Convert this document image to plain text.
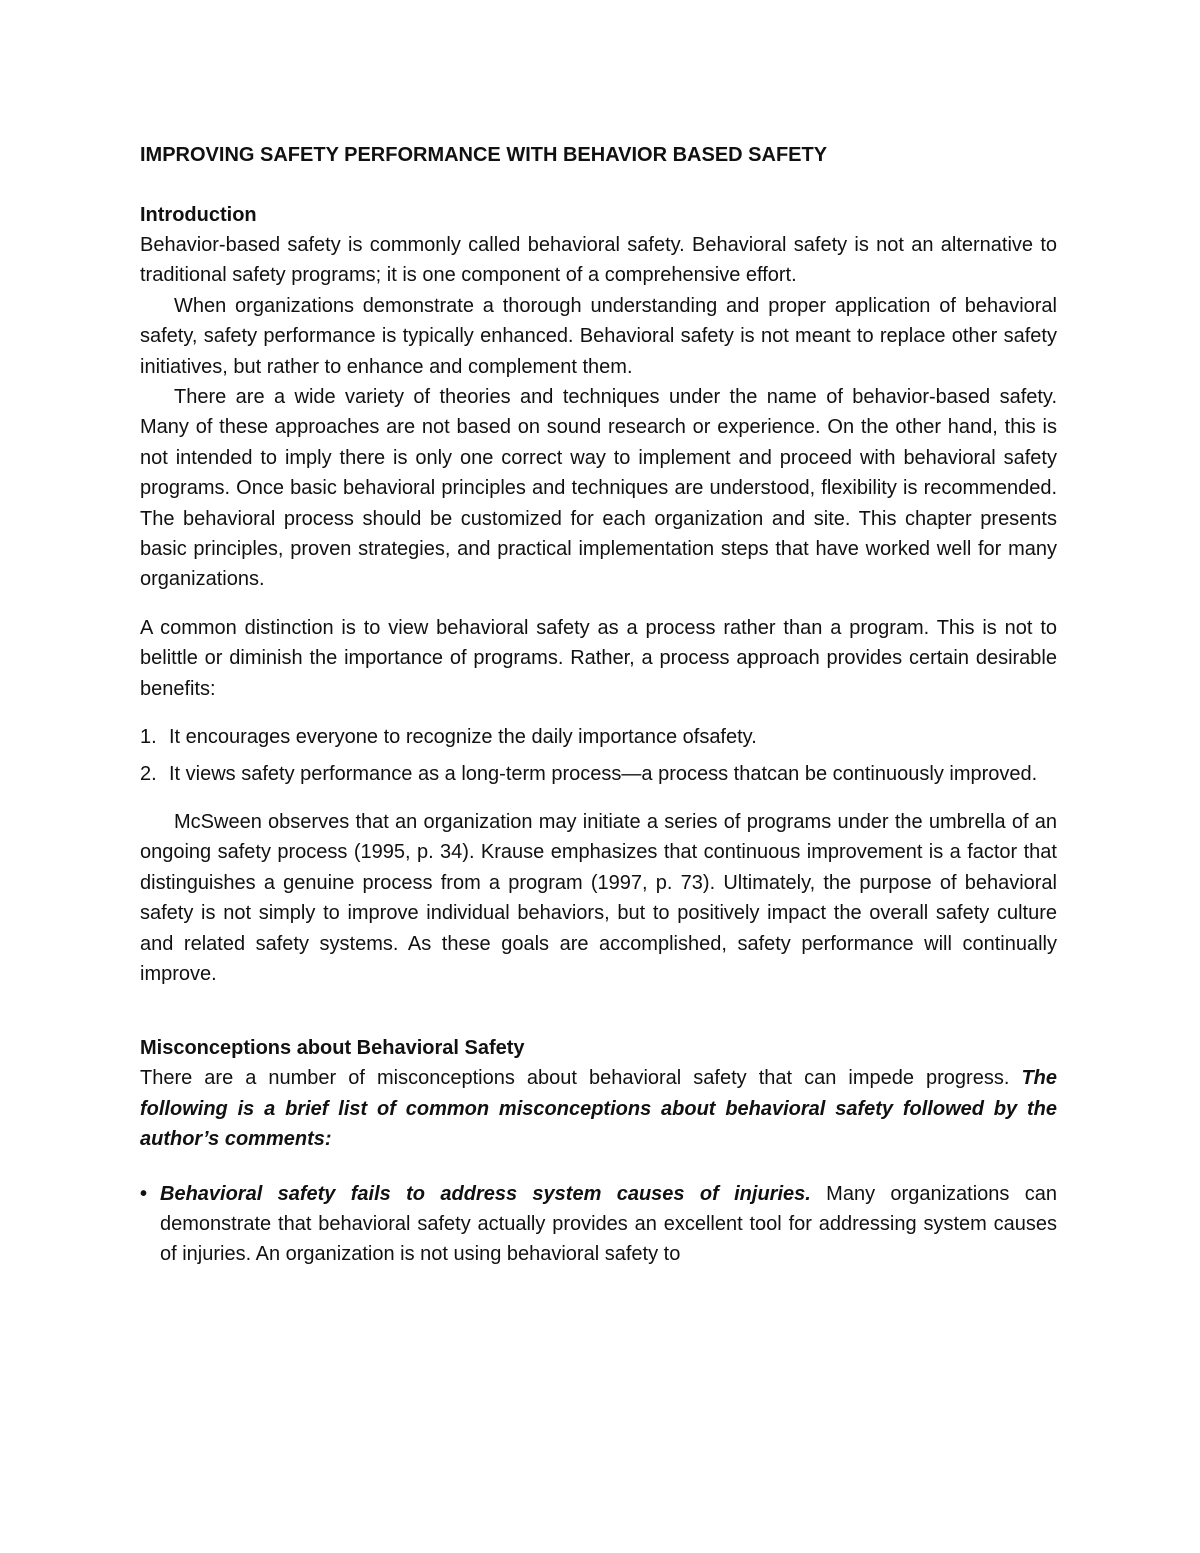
IMPROVING SAFETY PERFORMANCE WITH BEHAVIOR BASED SAFETY
Introduction

Behavior-based safety is commonly called behavioral safety. Behavioral safety is not an alternative to traditional safety programs; it is one component of a comprehensive effort.

When organizations demonstrate a thorough understanding and proper application of behavioral safety, safety performance is typically enhanced. Behavioral safety is not meant to replace other safety initiatives, but rather to enhance and complement them.

There are a wide variety of theories and techniques under the name of behavior-based safety. Many of these approaches are not based on sound research or experience. On the other hand, this is not intended to imply there is only one correct way to implement and proceed with behavioral safety programs. Once basic behavioral principles and techniques are understood, flexibility is recommended. The behavioral process should be customized for each organization and site. This chapter presents basic principles, proven strategies, and practical implementation steps that have worked well for many organizations.

A common distinction is to view behavioral safety as a process rather than a program. This is not to belittle or diminish the importance of programs. Rather, a process approach provides certain desirable benefits:

1. It encourages everyone to recognize the daily importance ofsafety.
2. It views safety performance as a long-term process—a process thatcan be continuously improved.

McSween observes that an organization may initiate a series of programs under the umbrella of an ongoing safety process (1995, p. 34). Krause emphasizes that continuous improvement is a factor that distinguishes a genuine process from a program (1997, p. 73). Ultimately, the purpose of behavioral safety is not simply to improve individual behaviors, but to positively impact the overall safety culture and related safety systems. As these goals are accomplished, safety performance will continually improve.

Misconceptions about Behavioral Safety

There are a number of misconceptions about behavioral safety that can impede progress. The following is a brief list of common misconceptions about behavioral safety followed by the author’s comments:

• Behavioral safety fails to address system causes of injuries. Many organizations can demonstrate that behavioral safety actually provides an excellent tool for addressing system causes of injuries. An organization is not using behavioral safety to
